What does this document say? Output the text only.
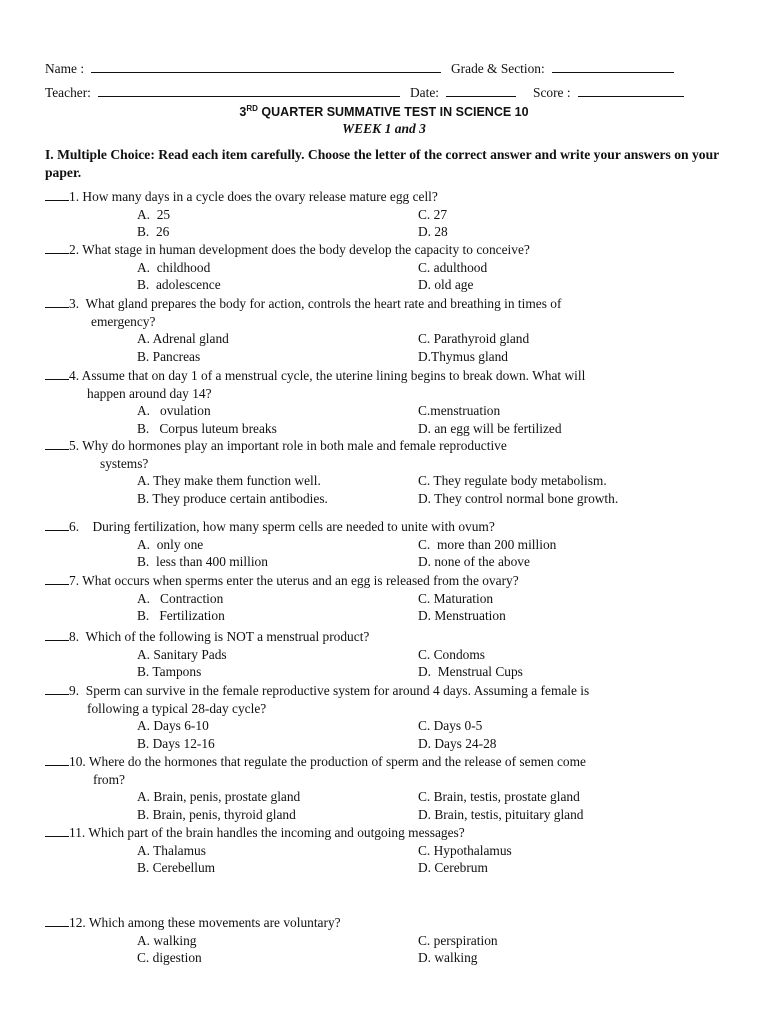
Name :	Grade & Section:
Teacher:	Date:	Score :
3RD QUARTER SUMMATIVE TEST IN SCIENCE 10
WEEK 1 and 3
I. Multiple Choice: Read each item carefully. Choose the letter of the correct answer and write your answers on your paper.
1. How many days in a cycle does the ovary release mature egg cell?
A.  25	C. 27
B.  26	D. 28
2. What stage in human development does the body develop the capacity to conceive?
A.  childhood	C. adulthood
B.  adolescence	D. old age
3.  What gland prepares the body for action, controls the heart rate and breathing in times of
emergency?
A. Adrenal gland	C. Parathyroid gland
B. Pancreas	D.Thymus gland
4. Assume that on day 1 of a menstrual cycle, the uterine lining begins to break down. What will
happen around day 14?
A.   ovulation	C.menstruation
B.   Corpus luteum breaks	D. an egg will be fertilized
5. Why do hormones play an important role in both male and female reproductive
systems?
A. They make them function well.	C. They regulate body metabolism.
B. They produce certain antibodies.	D. They control normal bone growth.
6.    During fertilization, how many sperm cells are needed to unite with ovum?
A.  only one	C.  more than 200 million
B.  less than 400 million	D. none of the above
7. What occurs when sperms enter the uterus and an egg is released from the ovary?
A.   Contraction	C. Maturation
B.   Fertilization	D. Menstruation
8.  Which of the following is NOT a menstrual product?
A. Sanitary Pads	C. Condoms
B. Tampons	D.  Menstrual Cups
9.  Sperm can survive in the female reproductive system for around 4 days. Assuming a female is
following a typical 28-day cycle?
A. Days 6-10	C. Days 0-5
B. Days 12-16	D. Days 24-28
10. Where do the hormones that regulate the production of sperm and the release of semen come
from?
A. Brain, penis, prostate gland	C. Brain, testis, prostate gland
B. Brain, penis, thyroid gland	D. Brain, testis, pituitary gland
11. Which part of the brain handles the incoming and outgoing messages?
A. Thalamus	C. Hypothalamus
B. Cerebellum	D. Cerebrum
12. Which among these movements are voluntary?
A. walking	C. perspiration
C. digestion	D. walking
